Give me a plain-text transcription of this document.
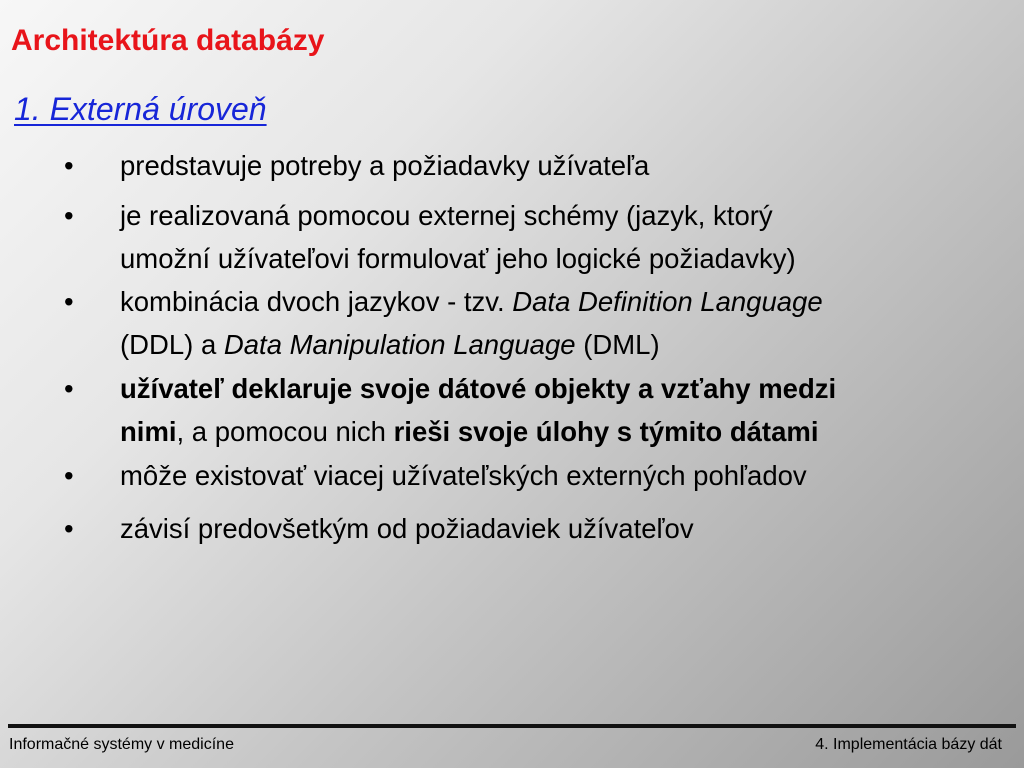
Architektúra databázy
1. Externá úroveň
• predstavuje potreby a požiadavky užívateľa
• je realizovaná pomocou externej schémy (jazyk, ktorý
umožní užívateľovi formulovať jeho logické požiadavky)
• kombinácia dvoch jazykov - tzv. Data Definition Language
(DDL) a Data Manipulation Language (DML)
• užívateľ deklaruje svoje dátové objekty a vzťahy medzi
nimi, a pomocou nich rieši svoje úlohy s týmito dátami
• môže existovať viacej užívateľských externých pohľadov
• závisí predovšetkým od požiadaviek užívateľov
Informačné systémy v medicíne	4. Implementácia bázy dát
